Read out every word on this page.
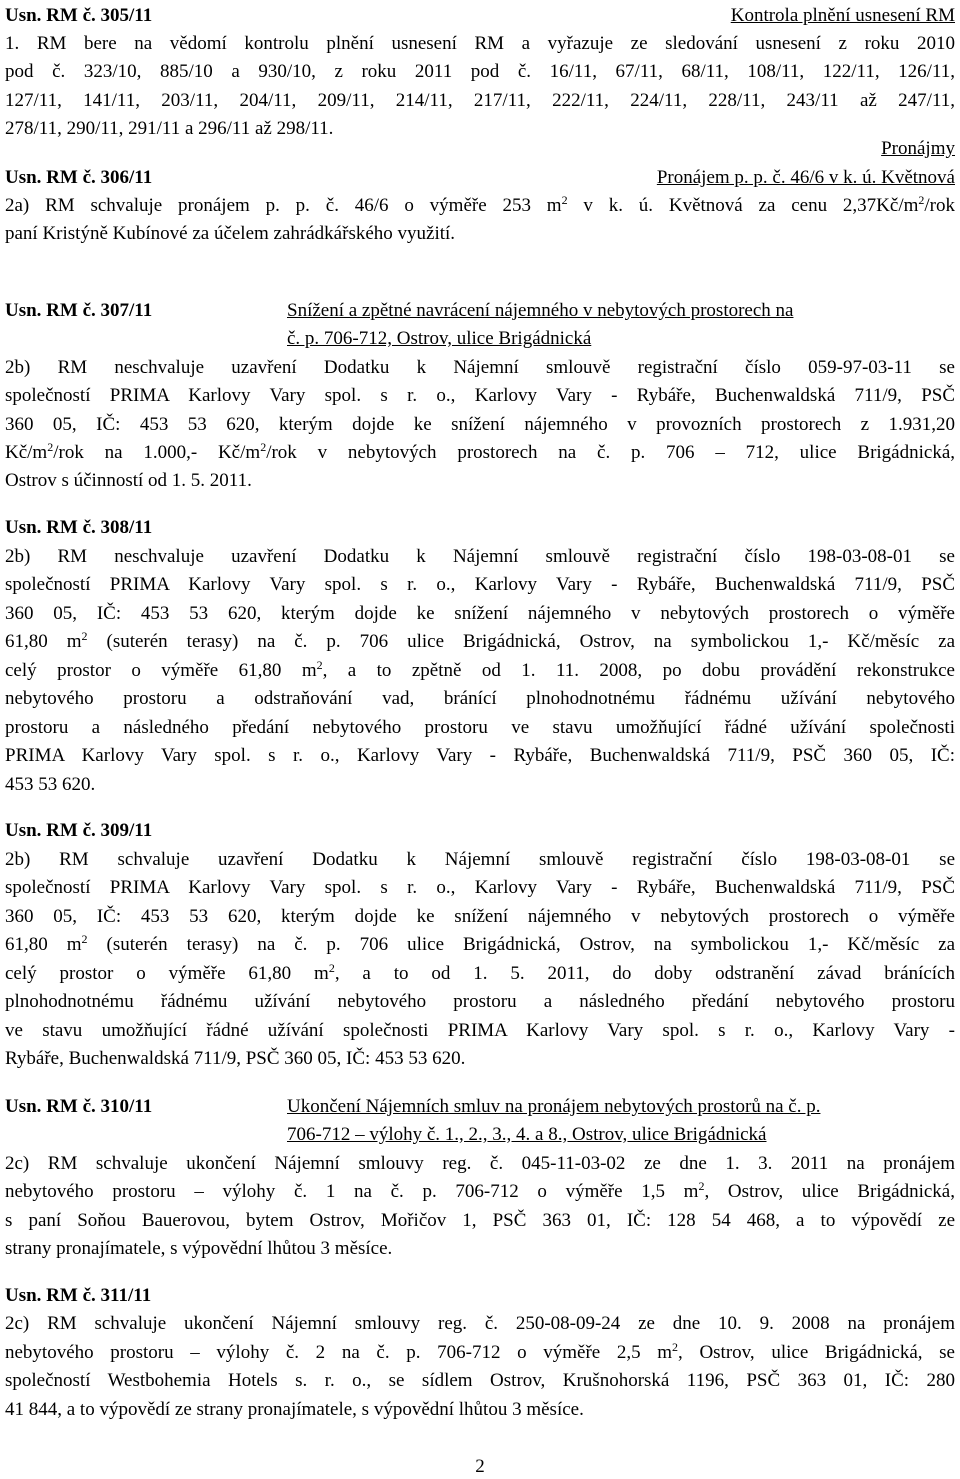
Usn. RM č. 305/11	Kontrola plnění usnesení RM
1. RM bere na vědomí kontrolu plnění usnesení RM a vyřazuje ze sledování usnesení z roku 2010
pod č. 323/10, 885/10 a 930/10, z roku 2011 pod č. 16/11, 67/11, 68/11, 108/11, 122/11, 126/11,
127/11, 141/11, 203/11, 204/11, 209/11, 214/11, 217/11, 222/11, 224/11, 228/11, 243/11 až 247/11,
278/11, 290/11, 291/11 a 296/11 až 298/11.
Pronájmy
Usn. RM č. 306/11	Pronájem p. p. č. 46/6 v k. ú. Květnová
2a) RM schvaluje pronájem p. p. č. 46/6 o výměře 253 $m^2$ v k. ú. Květnová za cenu $2,37Kč/m^2$/rok
paní Kristýně Kubínové za účelem zahrádkářského využití.
Usn. RM č. 307/11	Snížení a zpětné navrácení nájemného v nebytových prostorech na
č. p. 706-712, Ostrov, ulice Brigádnická
2b) RM neschvaluje uzavření Dodatku k Nájemní smlouvě registrační číslo 059-97-03-11 se
společností PRIMA Karlovy Vary spol. s r. o., Karlovy Vary - Rybáře, Buchenwaldská 711/9, PSČ
360 05, IČ: 453 53 620, kterým dojde ke snížení nájemného v provozních prostorech z 1.931,20
$Kč/m^2$/rok na 1.000,- $Kč/m^2$/rok v nebytových prostorech na č. p. 706 – 712, ulice Brigádnická,
Ostrov s účinností od 1. 5. 2011.
Usn. RM č. 308/11
2b) RM neschvaluje uzavření Dodatku k Nájemní smlouvě registrační číslo 198-03-08-01 se
společností PRIMA Karlovy Vary spol. s r. o., Karlovy Vary - Rybáře, Buchenwaldská 711/9, PSČ
360 05, IČ: 453 53 620, kterým dojde ke snížení nájemného v nebytových prostorech o výměře
61,80 $m^2$ (suterén terasy) na č. p. 706 ulice Brigádnická, Ostrov, na symbolickou 1,- Kč/měsíc za
celý prostor o výměře 61,80 $m^2$, a to zpětně od 1. 11. 2008, po dobu provádění rekonstrukce
nebytového prostoru a odstraňování vad, bránící plnohodnotnému řádnému užívání nebytového
prostoru a následného předání nebytového prostoru ve stavu umožňující řádné užívání společnosti
PRIMA Karlovy Vary spol. s r. o., Karlovy Vary - Rybáře, Buchenwaldská 711/9, PSČ 360 05, IČ:
453 53 620.
Usn. RM č. 309/11
2b) RM schvaluje uzavření Dodatku k Nájemní smlouvě registrační číslo 198-03-08-01 se
společností PRIMA Karlovy Vary spol. s r. o., Karlovy Vary - Rybáře, Buchenwaldská 711/9, PSČ
360 05, IČ: 453 53 620, kterým dojde ke snížení nájemného v nebytových prostorech o výměře
61,80 $m^2$ (suterén terasy) na č. p. 706 ulice Brigádnická, Ostrov, na symbolickou 1,- Kč/měsíc za
celý prostor o výměře 61,80 $m^2$, a to od 1. 5. 2011, do doby odstranění závad bránících
plnohodnotnému řádnému užívání nebytového prostoru a následného předání nebytového prostoru
ve stavu umožňující řádné užívání společnosti PRIMA Karlovy Vary spol. s r. o., Karlovy Vary -
Rybáře, Buchenwaldská 711/9, PSČ 360 05, IČ: 453 53 620.
Usn. RM č. 310/11	Ukončení Nájemních smluv na pronájem nebytových prostorů na č. p.
706-712 – výlohy č. 1., 2., 3., 4. a 8., Ostrov, ulice Brigádnická
2c) RM schvaluje ukončení Nájemní smlouvy reg. č. 045-11-03-02 ze dne 1. 3. 2011 na pronájem
nebytového prostoru – výlohy č. 1 na č. p. 706-712 o výměře 1,5 $m^2$, Ostrov, ulice Brigádnická,
s paní Soňou Bauerovou, bytem Ostrov, Mořičov 1, PSČ 363 01, IČ: 128 54 468, a to výpovědí ze
strany pronajímatele, s výpovědní lhůtou 3 měsíce.
Usn. RM č. 311/11
2c) RM schvaluje ukončení Nájemní smlouvy reg. č. 250-08-09-24 ze dne 10. 9. 2008 na pronájem
nebytového prostoru – výlohy č. 2 na č. p. 706-712 o výměře 2,5 $m^2$, Ostrov, ulice Brigádnická, se
společností Westbohemia Hotels s. r. o., se sídlem Ostrov, Krušnohorská 1196, PSČ 363 01, IČ: 280
41 844, a to výpovědí ze strany pronajímatele, s výpovědní lhůtou 3 měsíce.
2
